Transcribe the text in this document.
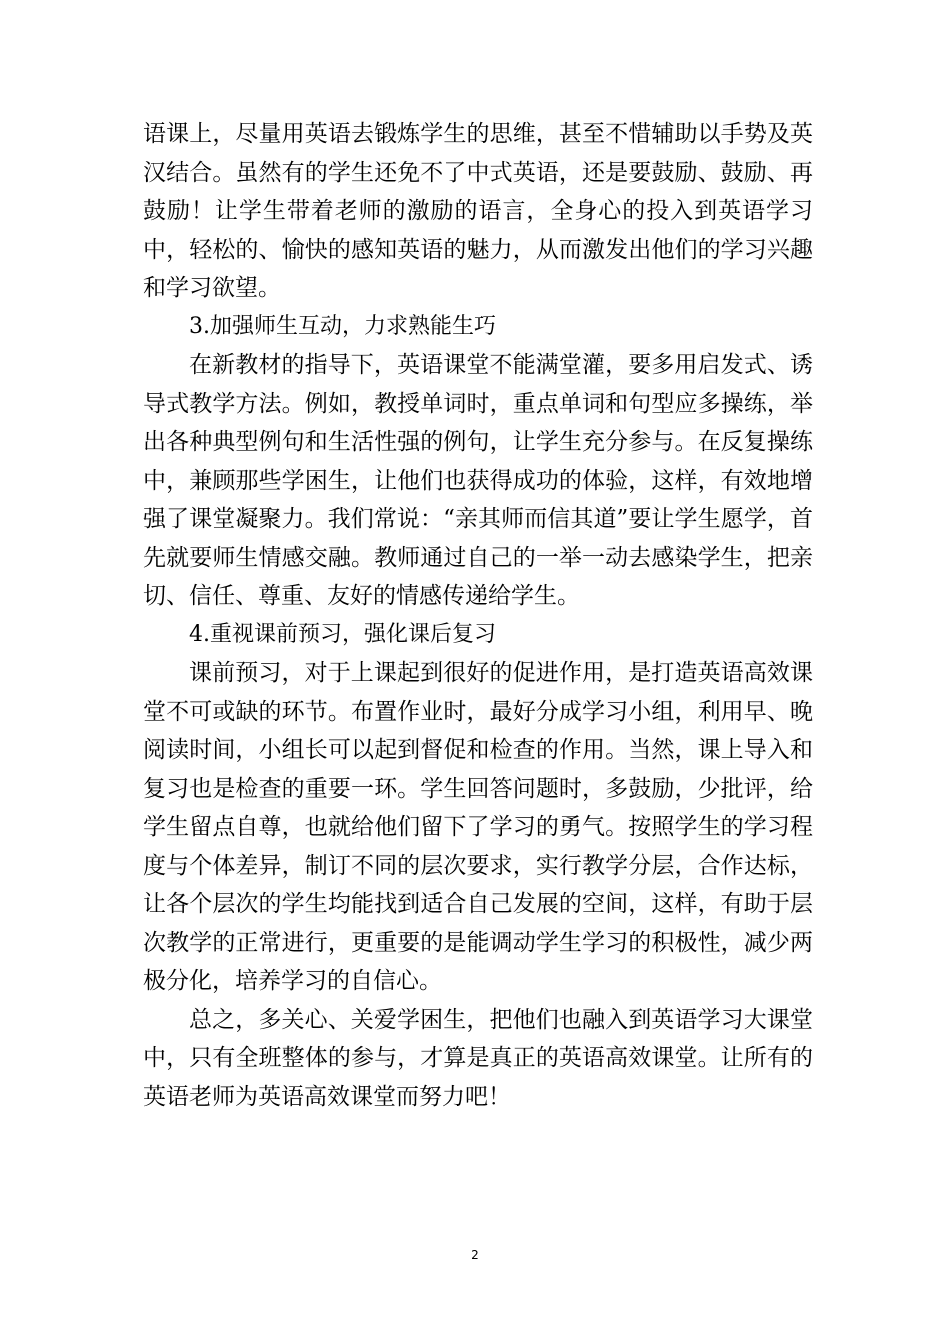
语课上，尽量用英语去锻炼学生的思维，甚至不惜辅助以手势及英汉结合。虽然有的学生还免不了中式英语，还是要鼓励、鼓励、再鼓励！让学生带着老师的激励的语言，全身心的投入到英语学习中，轻松的、愉快的感知英语的魅力，从而激发出他们的学习兴趣和学习欲望。

3.加强师生互动，力求熟能生巧

在新教材的指导下，英语课堂不能满堂灌，要多用启发式、诱导式教学方法。例如，教授单词时，重点单词和句型应多操练，举出各种典型例句和生活性强的例句，让学生充分参与。在反复操练中，兼顾那些学困生，让他们也获得成功的体验，这样，有效地增强了课堂凝聚力。我们常说：“亲其师而信其道”要让学生愿学，首先就要师生情感交融。教师通过自己的一举一动去感染学生，把亲切、信任、尊重、友好的情感传递给学生。

4.重视课前预习，强化课后复习

课前预习，对于上课起到很好的促进作用，是打造英语高效课堂不可或缺的环节。布置作业时，最好分成学习小组，利用早、晚阅读时间，小组长可以起到督促和检查的作用。当然，课上导入和复习也是检查的重要一环。学生回答问题时，多鼓励，少批评，给学生留点自尊，也就给他们留下了学习的勇气。按照学生的学习程度与个体差异，制订不同的层次要求，实行教学分层，合作达标，让各个层次的学生均能找到适合自己发展的空间，这样，有助于层次教学的正常进行，更重要的是能调动学生学习的积极性，减少两极分化，培养学习的自信心。

总之，多关心、关爱学困生，把他们也融入到英语学习大课堂中，只有全班整体的参与，才算是真正的英语高效课堂。让所有的英语老师为英语高效课堂而努力吧！

2
